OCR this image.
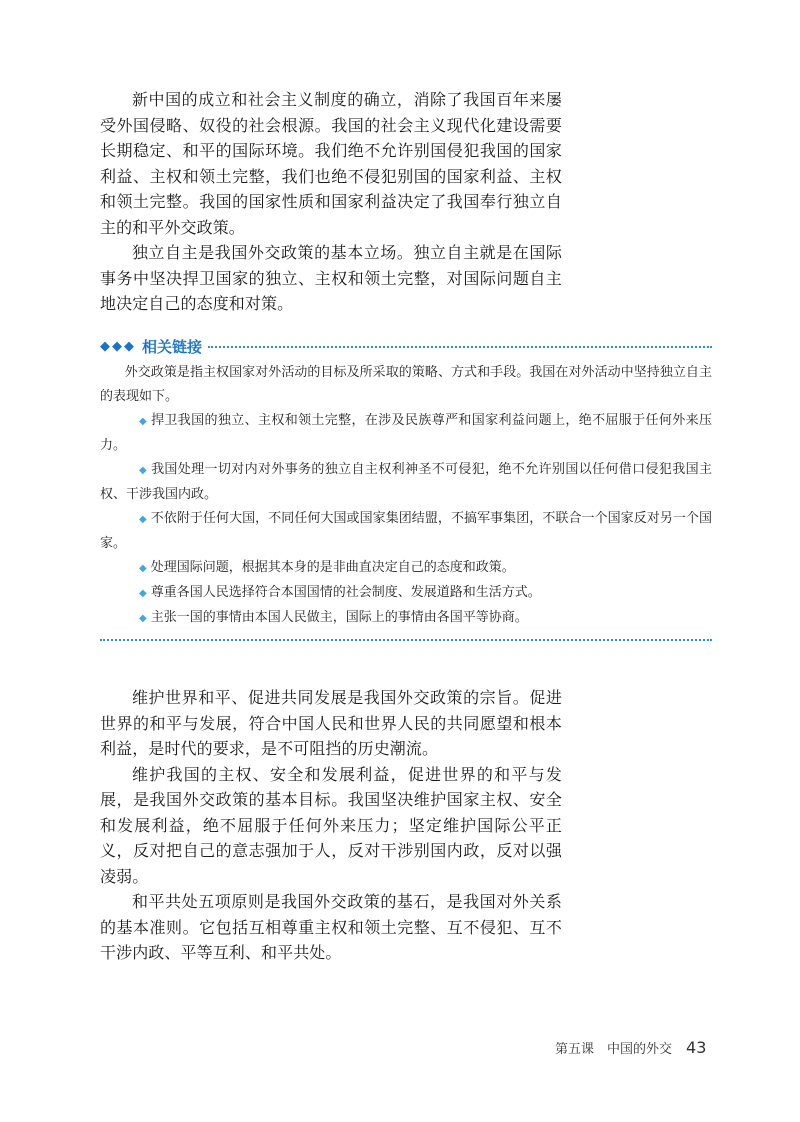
新中国的成立和社会主义制度的确立，消除了我国百年来屡受外国侵略、奴役的社会根源。我国的社会主义现代化建设需要长期稳定、和平的国际环境。我们绝不允许别国侵犯我国的国家利益、主权和领土完整，我们也绝不侵犯别国的国家利益、主权和领土完整。我国的国家性质和国家利益决定了我国奉行独立自主的和平外交政策。

独立自主是我国外交政策的基本立场。独立自主就是在国际事务中坚决捍卫国家的独立、主权和领土完整，对国际问题自主地决定自己的态度和对策。

◆◆◆ 相关链接

外交政策是指主权国家对外活动的目标及所采取的策略、方式和手段。我国在对外活动中坚持独立自主的表现如下。

◆ 捍卫我国的独立、主权和领土完整，在涉及民族尊严和国家利益问题上，绝不屈服于任何外来压力。

◆ 我国处理一切对内对外事务的独立自主权利神圣不可侵犯，绝不允许别国以任何借口侵犯我国主权、干涉我国内政。

◆ 不依附于任何大国，不同任何大国或国家集团结盟，不搞军事集团，不联合一个国家反对另一个国家。

◆ 处理国际问题，根据其本身的是非曲直决定自己的态度和政策。

◆ 尊重各国人民选择符合本国国情的社会制度、发展道路和生活方式。

◆ 主张一国的事情由本国人民做主，国际上的事情由各国平等协商。

维护世界和平、促进共同发展是我国外交政策的宗旨。促进世界的和平与发展，符合中国人民和世界人民的共同愿望和根本利益，是时代的要求，是不可阻挡的历史潮流。

维护我国的主权、安全和发展利益，促进世界的和平与发展，是我国外交政策的基本目标。我国坚决维护国家主权、安全和发展利益，绝不屈服于任何外来压力；坚定维护国际公平正义，反对把自己的意志强加于人，反对干涉别国内政，反对以强凌弱。

和平共处五项原则是我国外交政策的基石，是我国对外关系的基本准则。它包括互相尊重主权和领土完整、互不侵犯、互不干涉内政、平等互利、和平共处。

第五课　中国的外交 43
